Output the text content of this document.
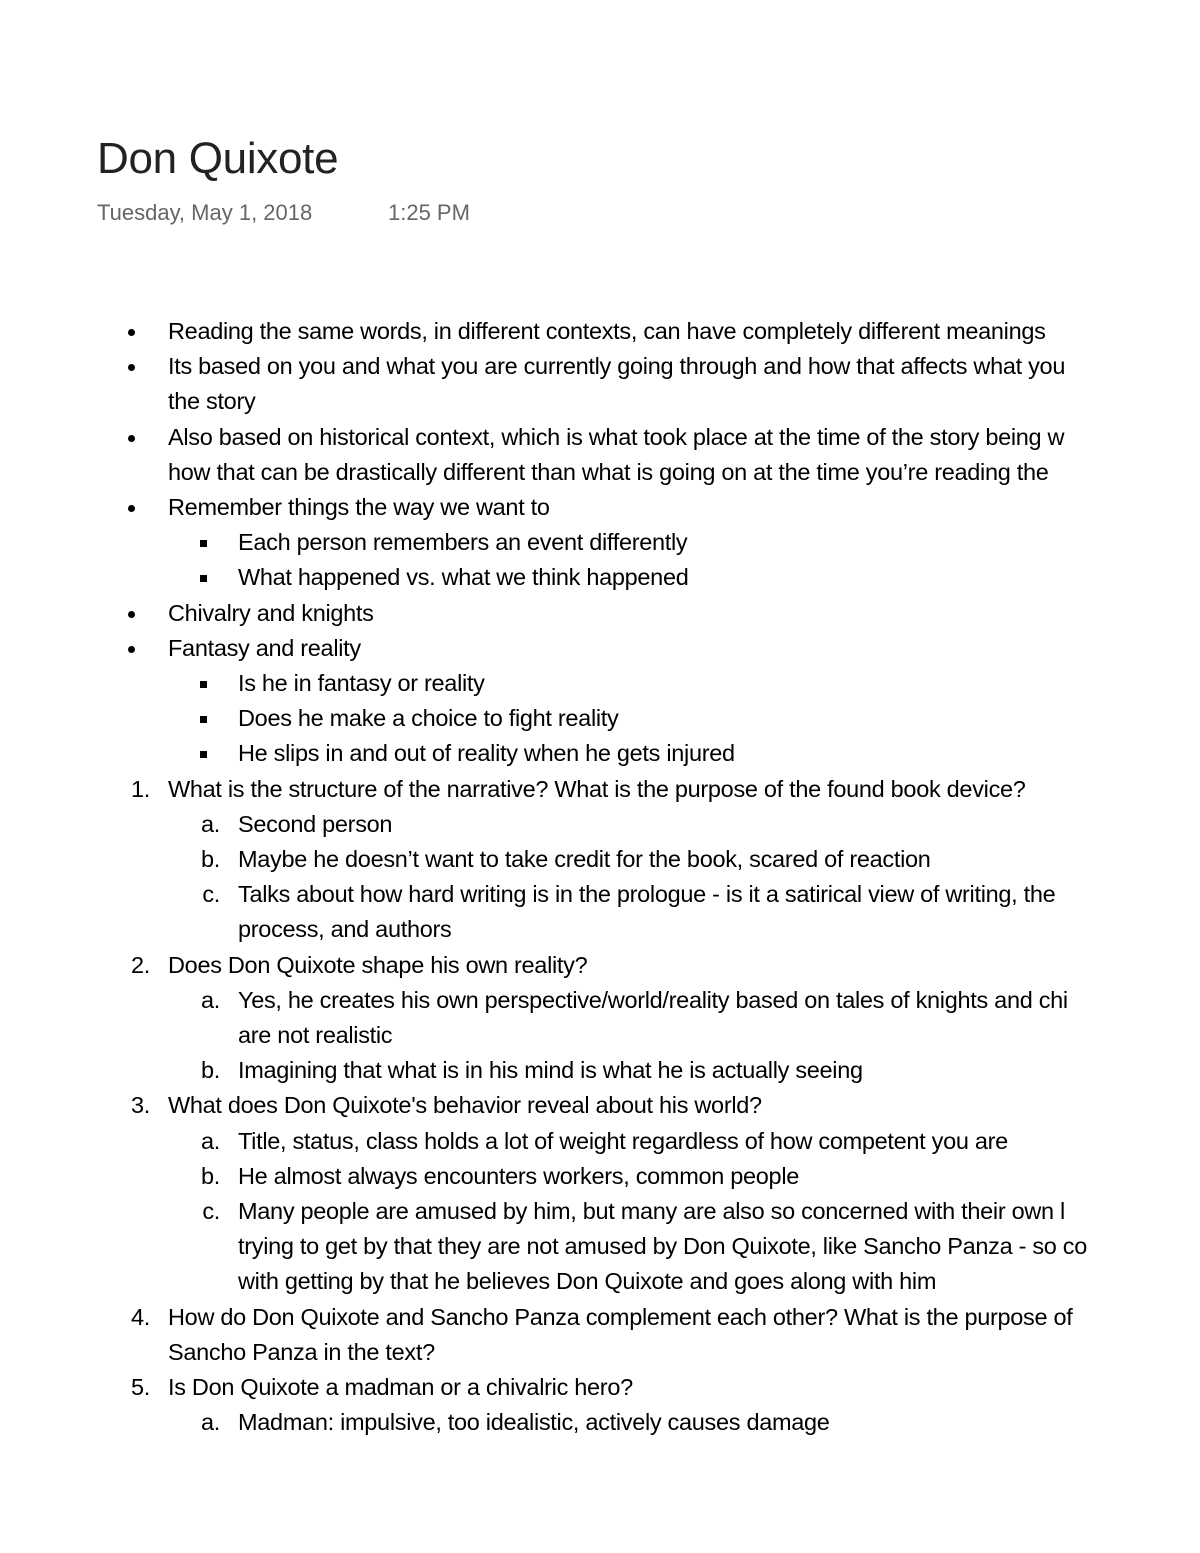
Don Quixote
Tuesday, May 1, 2018	1:25 PM
Reading the same words, in different contexts, can have completely different meanings
Its based on you and what you are currently going through and how that affects what you
the story
Also based on historical context, which is what took place at the time of the story being w
how that can be drastically different than what is going on at the time you’re reading the
Remember things the way we want to
Each person remembers an event differently
What happened vs. what we think happened
Chivalry and knights
Fantasy and reality
Is he in fantasy or reality
Does he make a choice to fight reality
He slips in and out of reality when he gets injured
1. What is the structure of the narrative? What is the purpose of the found book device?
a. Second person
b. Maybe he doesn’t want to take credit for the book, scared of reaction
c. Talks about how hard writing is in the prologue - is it a satirical view of writing, the
process, and authors
2. Does Don Quixote shape his own reality?
a. Yes, he creates his own perspective/world/reality based on tales of knights and chi
are not realistic
b. Imagining that what is in his mind is what he is actually seeing
3. What does Don Quixote's behavior reveal about his world?
a. Title, status, class holds a lot of weight regardless of how competent you are
b. He almost always encounters workers, common people
c. Many people are amused by him, but many are also so concerned with their own l
trying to get by that they are not amused by Don Quixote, like Sancho Panza - so co
with getting by that he believes Don Quixote and goes along with him
4. How do Don Quixote and Sancho Panza complement each other? What is the purpose of
Sancho Panza in the text?
5. Is Don Quixote a madman or a chivalric hero?
a. Madman: impulsive, too idealistic, actively causes damage
